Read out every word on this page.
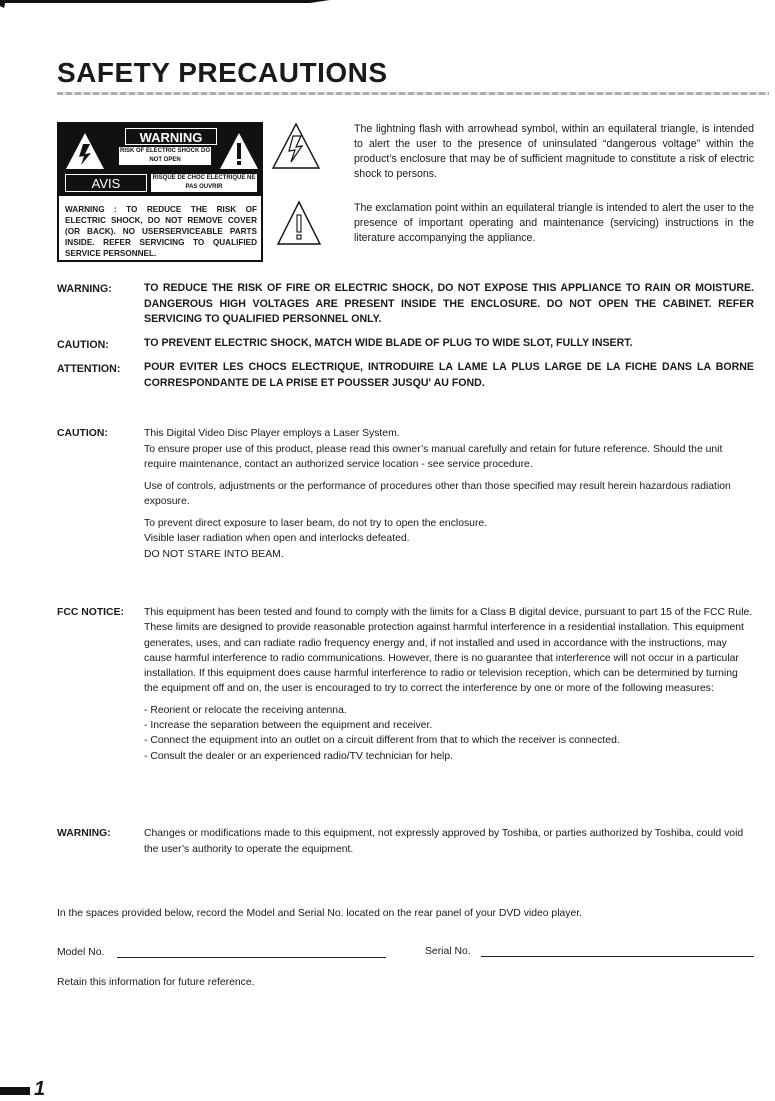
SAFETY PRECAUTIONS
WARNING
RISK OF ELECTRIC SHOCK DO NOT OPEN
AVIS	RISQUE DE CHOC ELECTRIQUE NE PAS OUVRIR
WARNING : TO REDUCE THE RISK OF ELECTRIC SHOCK, DO NOT REMOVE COVER (OR BACK). NO USERSERVICEABLE PARTS INSIDE. REFER SERVICING TO QUALIFIED SERVICE PERSONNEL.

The lightning flash with arrowhead symbol, within an equilateral triangle, is intended to alert the user to the presence of uninsulated “dangerous voltage” within the product’s enclosure that may be of sufficient magnitude to constitute a risk of electric shock to persons.

The exclamation point within an equilateral triangle is intended to alert the user to the presence of important operating and maintenance (servicing) instructions in the literature accompanying the appliance.

WARNING:	TO REDUCE THE RISK OF FIRE OR ELECTRIC SHOCK, DO NOT EXPOSE THIS APPLIANCE TO RAIN OR MOISTURE. DANGEROUS HIGH VOLTAGES ARE PRESENT INSIDE THE ENCLOSURE. DO NOT OPEN THE CABINET. REFER SERVICING TO QUALIFIED PERSONNEL ONLY.
CAUTION:	TO PREVENT ELECTRIC SHOCK, MATCH WIDE BLADE OF PLUG TO WIDE SLOT, FULLY INSERT.
ATTENTION:	POUR EVITER LES CHOCS ELECTRIQUE, INTRODUIRE LA LAME LA PLUS LARGE DE LA FICHE DANS LA BORNE CORRESPONDANTE DE LA PRISE ET POUSSER JUSQU' AU FOND.
CAUTION:	This Digital Video Disc Player employs a Laser System.
To ensure proper use of this product, please read this owner’s manual carefully and retain for future reference. Should the unit require maintenance, contact an authorized service location - see service procedure.
Use of controls, adjustments or the performance of procedures other than those specified may result herein hazardous radiation exposure.
To prevent direct exposure to laser beam, do not try to open the enclosure.
Visible laser radiation when open and interlocks defeated.
DO NOT STARE INTO BEAM.
FCC NOTICE:	This equipment has been tested and found to comply with the limits for a Class B digital device, pursuant to part 15 of the FCC Rule. These limits are designed to provide reasonable protection against harmful interference in a residential installation. This equipment generates, uses, and can radiate radio frequency energy and, if not installed and used in accordance with the instructions, may cause harmful interference to radio communications. However, there is no guarantee that interference will not occur in a particular installation. If this equipment does cause harmful interference to radio or television reception, which can be determined by turning the equipment off and on, the user is encouraged to try to correct the interference by one or more of the following measures:
- Reorient or relocate the receiving antenna.
- Increase the separation between the equipment and receiver.
- Connect the equipment into an outlet on a circuit different from that to which the receiver is connected.
- Consult the dealer or an experienced radio/TV technician for help.
WARNING:	Changes or modifications made to this equipment, not expressly approved by Toshiba, or parties authorized by Toshiba, could void the user’s authority to operate the equipment.
In the spaces provided below, record the Model and Serial No. located on the rear panel of your DVD video player.
Model No.	Serial No.
Retain this information for future reference.
1
